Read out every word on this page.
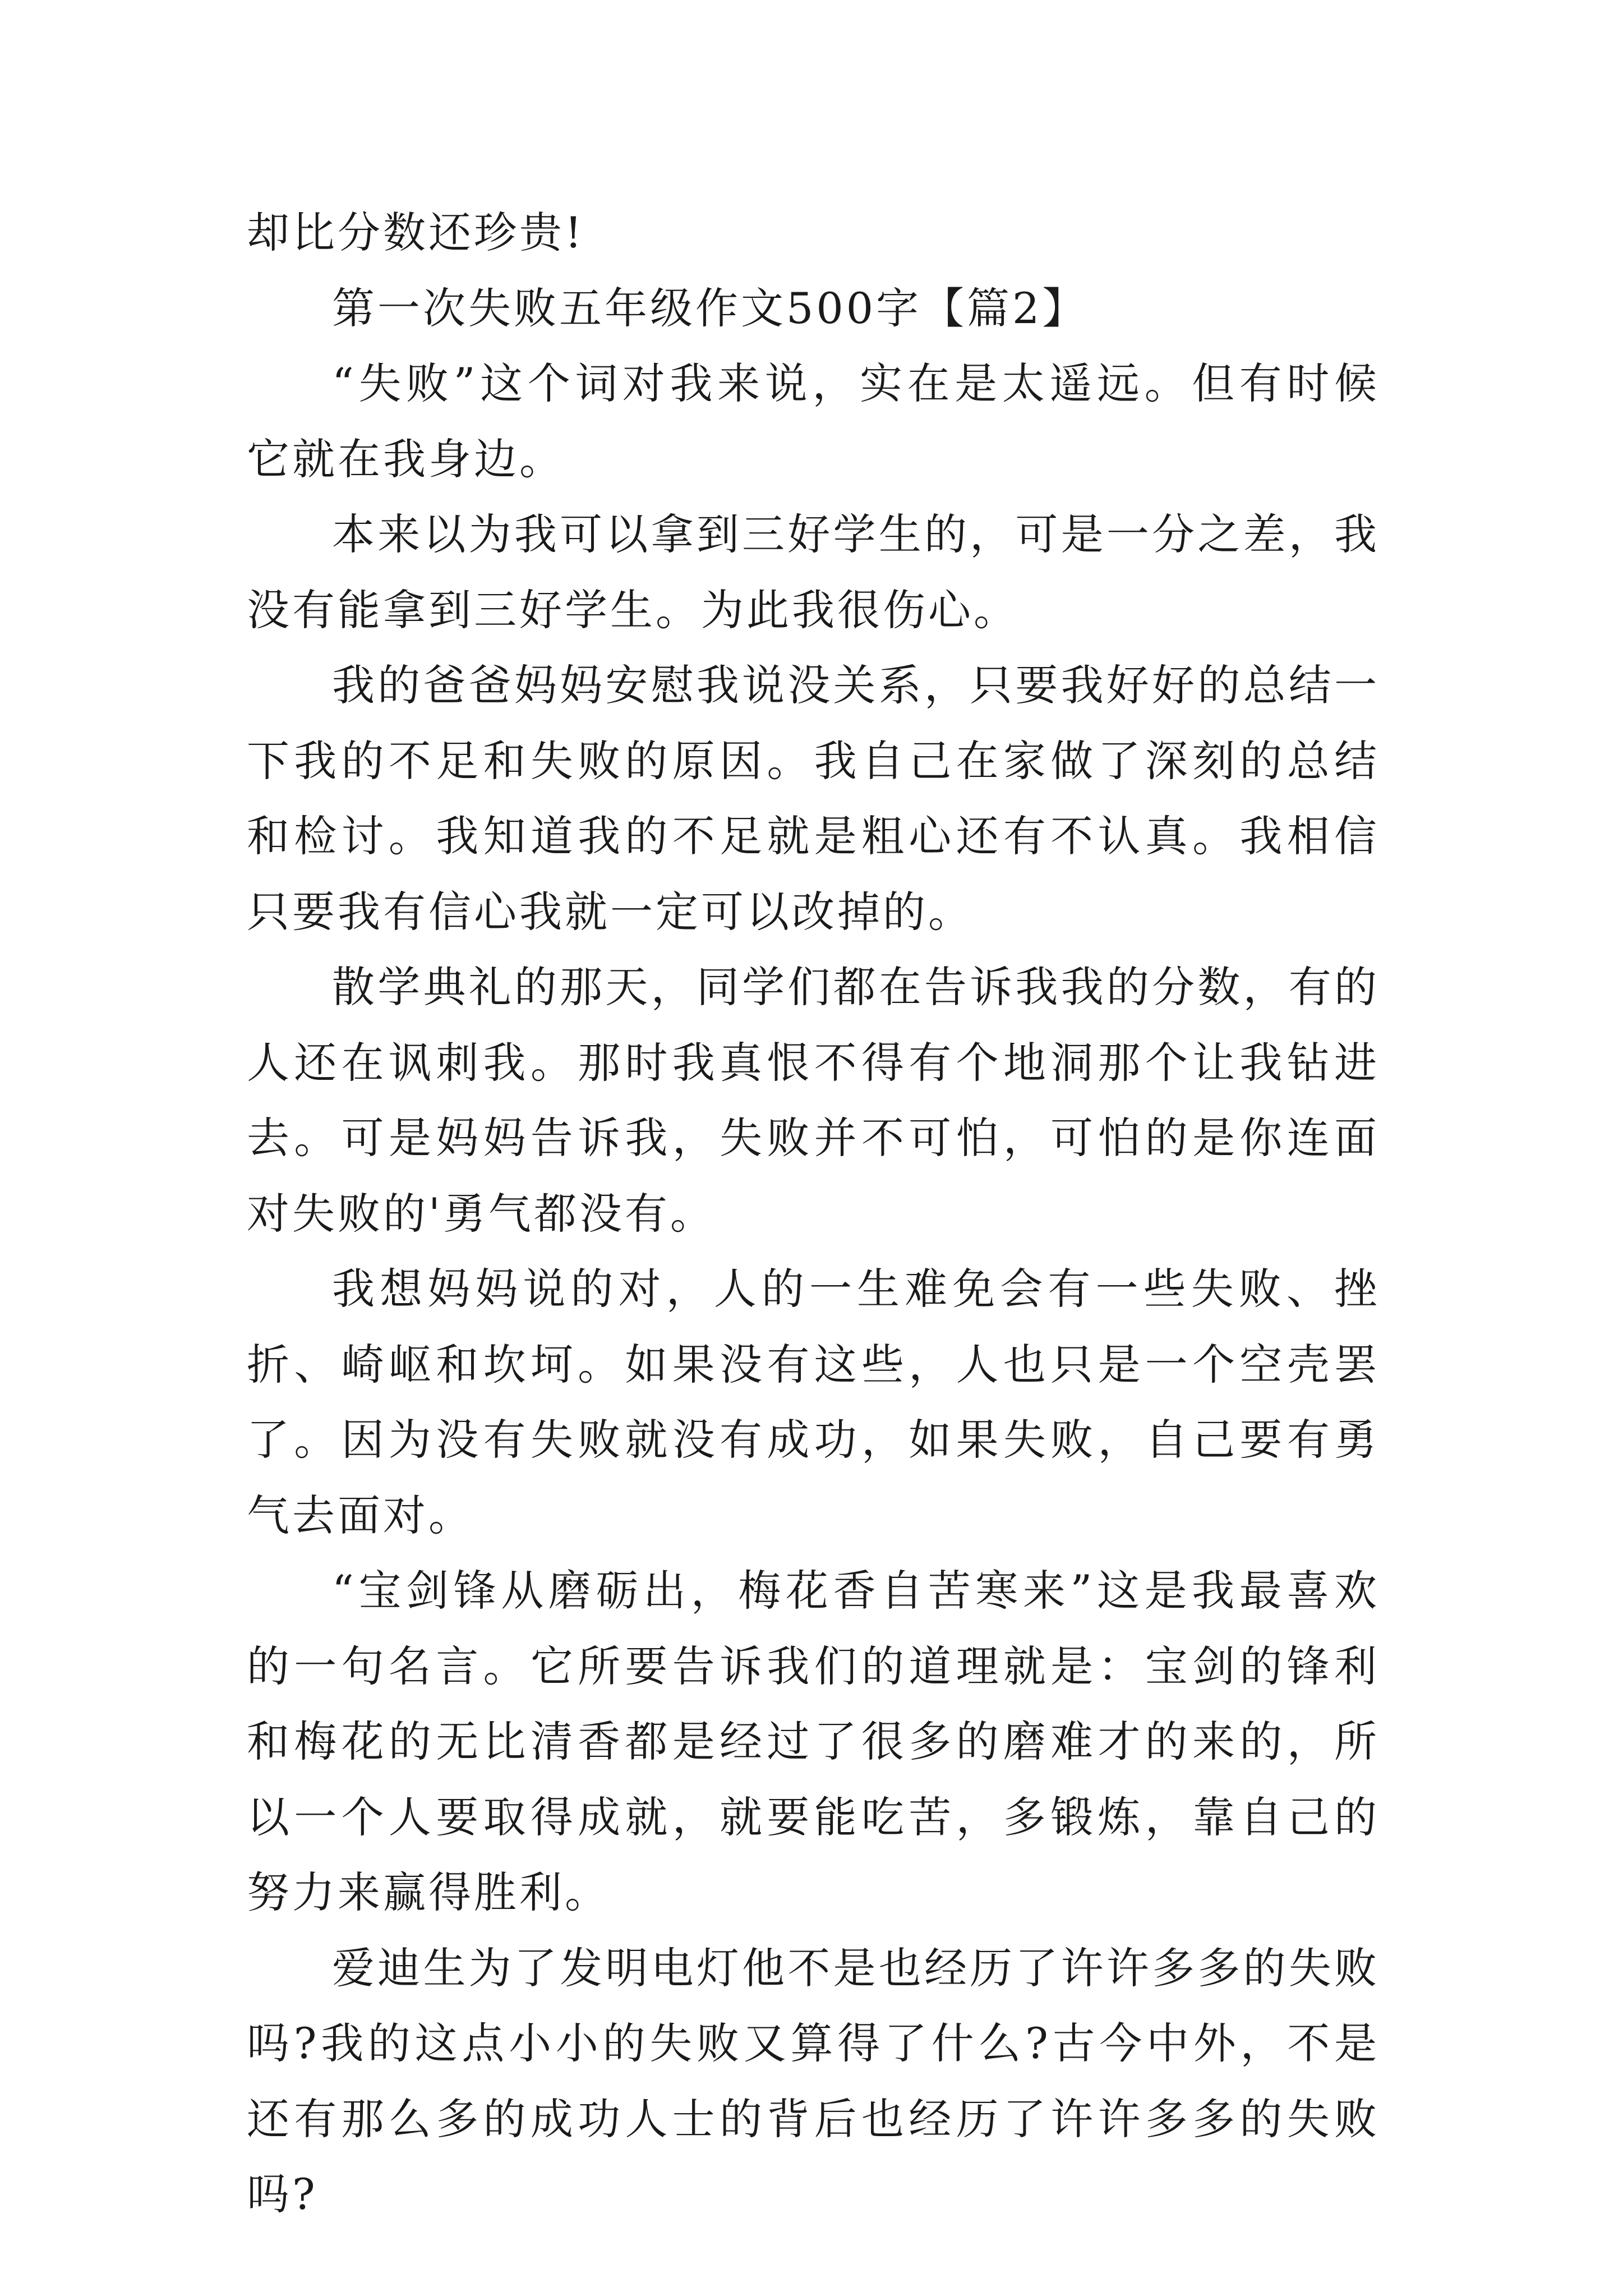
却比分数还珍贵!

第一次失败五年级作文500字【篇2】

“失败”这个词对我来说，实在是太遥远。但有时候它就在我身边。

本来以为我可以拿到三好学生的，可是一分之差，我没有能拿到三好学生。为此我很伤心。

我的爸爸妈妈安慰我说没关系，只要我好好的总结一下我的不足和失败的原因。我自己在家做了深刻的总结和检讨。我知道我的不足就是粗心还有不认真。我相信只要我有信心我就一定可以改掉的。

散学典礼的那天，同学们都在告诉我我的分数，有的人还在讽刺我。那时我真恨不得有个地洞那个让我钻进去。可是妈妈告诉我，失败并不可怕，可怕的是你连面对失败的'勇气都没有。

我想妈妈说的对，人的一生难免会有一些失败、挫折、崎岖和坎坷。如果没有这些，人也只是一个空壳罢了。因为没有失败就没有成功，如果失败，自己要有勇气去面对。

“宝剑锋从磨砺出，梅花香自苦寒来”这是我最喜欢的一句名言。它所要告诉我们的道理就是：宝剑的锋利和梅花的无比清香都是经过了很多的磨难才的来的，所以一个人要取得成就，就要能吃苦，多锻炼，靠自己的努力来赢得胜利。

爱迪生为了发明电灯他不是也经历了许许多多的失败吗?我的这点小小的失败又算得了什么?古今中外，不是还有那么多的成功人士的背后也经历了许许多多的失败吗?
